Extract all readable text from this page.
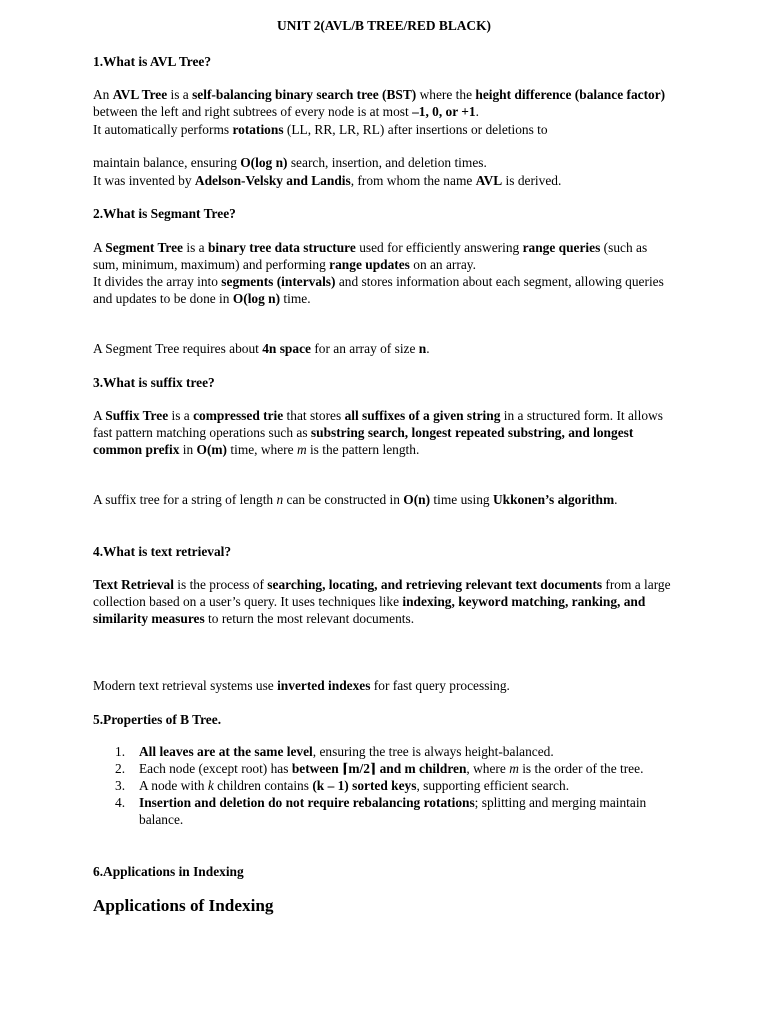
UNIT 2(AVL/B TREE/RED BLACK)
1.What is AVL Tree?
An AVL Tree is a self-balancing binary search tree (BST) where the height difference (balance factor) between the left and right subtrees of every node is at most –1, 0, or +1.
It automatically performs rotations (LL, RR, LR, RL) after insertions or deletions to
maintain balance, ensuring O(log n) search, insertion, and deletion times.
It was invented by Adelson-Velsky and Landis, from whom the name AVL is derived.
2.What is Segmant Tree?
A Segment Tree is a binary tree data structure used for efficiently answering range queries (such as sum, minimum, maximum) and performing range updates on an array.
It divides the array into segments (intervals) and stores information about each segment, allowing queries and updates to be done in O(log n) time.
A Segment Tree requires about 4n space for an array of size n.
3.What is suffix tree?
A Suffix Tree is a compressed trie that stores all suffixes of a given string in a structured form. It allows fast pattern matching operations such as substring search, longest repeated substring, and longest common prefix in O(m) time, where m is the pattern length.
A suffix tree for a string of length n can be constructed in O(n) time using Ukkonen’s algorithm.
4.What is text retrieval?
Text Retrieval is the process of searching, locating, and retrieving relevant text documents from a large collection based on a user’s query. It uses techniques like indexing, keyword matching, ranking, and similarity measures to return the most relevant documents.
Modern text retrieval systems use inverted indexes for fast query processing.
5.Properties of B Tree.
1. All leaves are at the same level, ensuring the tree is always height-balanced.
2. Each node (except root) has between ⌈m/2⌉ and m children, where m is the order of the tree.
3. A node with k children contains (k – 1) sorted keys, supporting efficient search.
4. Insertion and deletion do not require rebalancing rotations; splitting and merging maintain balance.
6.Applications in Indexing
Applications of Indexing
